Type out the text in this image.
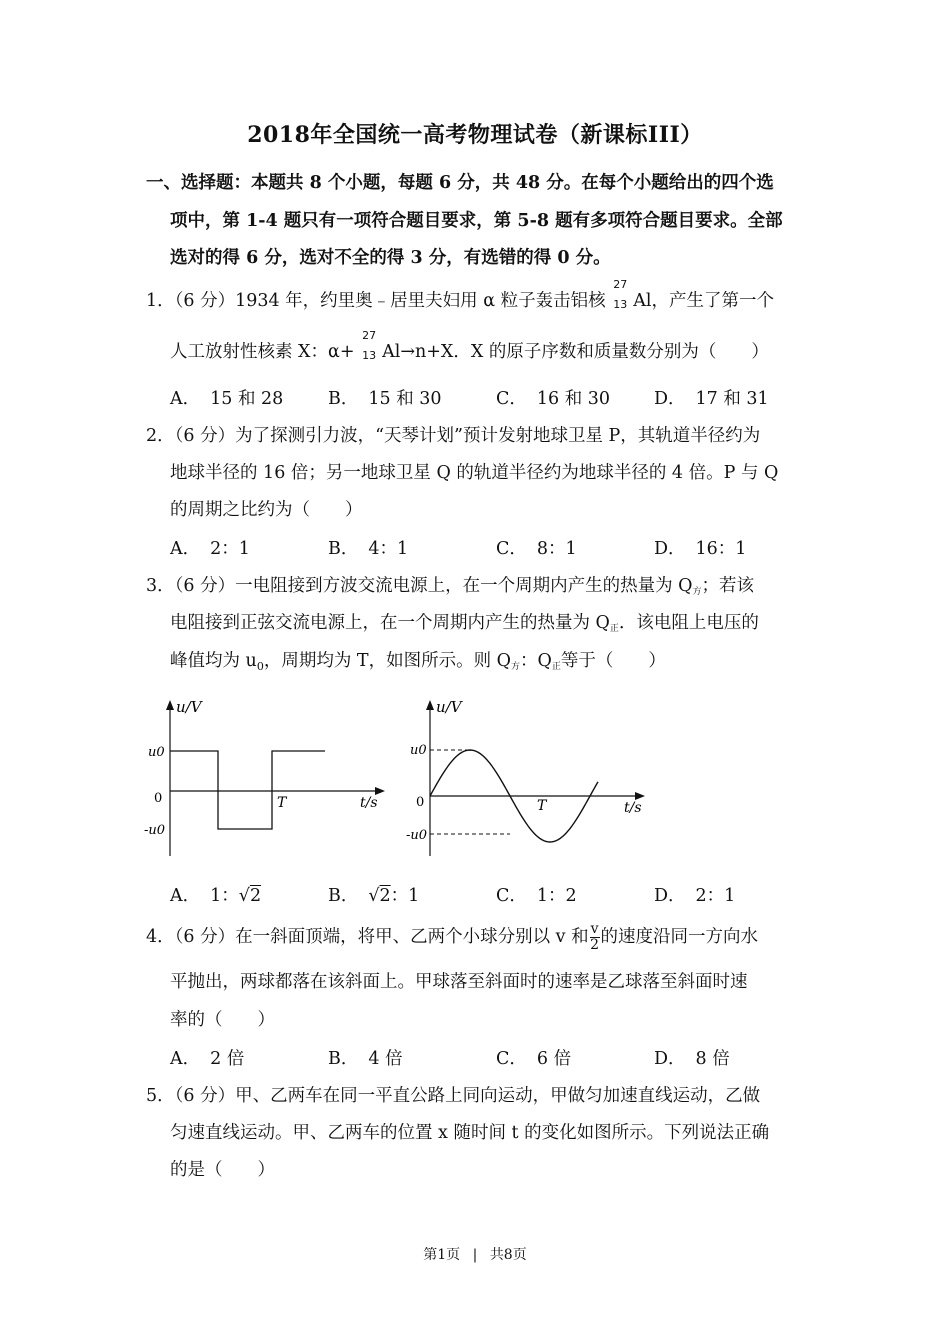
2018年全国统一高考物理试卷（新课标III）
一、选择题：本题共 8 个小题，每题 6 分，共 48 分。在每个小题给出的四个选
项中，第 1-4 题只有一项符合题目要求，第 5-8 题有多项符合题目要求。全部
选对的得 6 分，选对不全的得 3 分，有选错的得 0 分。
1．（6 分）1934 年，约里奥﹣居里夫妇用 α 粒子轰击铝核
27
13 Al，产生了第一个
人工放射性核素 X：α+
27
13 Al→n+X．X 的原子序数和质量数分别为（　　）
A． 15 和 28	B． 15 和 30	C． 16 和 30	D． 17 和 31
2．（6 分）为了探测引力波，“天琴计划”预计发射地球卫星 P，其轨道半径约为
地球半径的 16 倍；另一地球卫星 Q 的轨道半径约为地球半径的 4 倍。P 与 Q
的周期之比约为（　　）
A． 2：1	B． 4：1	C． 8：1	D． 16：1
3．（6 分）一电阻接到方波交流电源上，在一个周期内产生的热量为 Q方；若该
电阻接到正弦交流电源上，在一个周期内产生的热量为 Q正．该电阻上电压的
峰值均为 $u_0$，周期均为 T，如图所示。则 Q方：Q正等于（　　）
u/V
u0
0
-u0
T	t/s
u/V
u0
0
-u0
T	t/s
A． 1：√2	B． √2：1	C． 1：2	D． 2：1
4．（6 分）在一斜面顶端，将甲、乙两个小球分别以 v 和 $\frac{v}{2}$ 的速度沿同一方向水
平抛出，两球都落在该斜面上。甲球落至斜面时的速率是乙球落至斜面时速
率的（　　）
A． 2 倍	B． 4 倍	C． 6 倍	D． 8 倍
5．（6 分）甲、乙两车在同一平直公路上同向运动，甲做匀加速直线运动，乙做
匀速直线运动。甲、乙两车的位置 x 随时间 t 的变化如图所示。下列说法正确
的是（　　）
第1页 | 共8页
